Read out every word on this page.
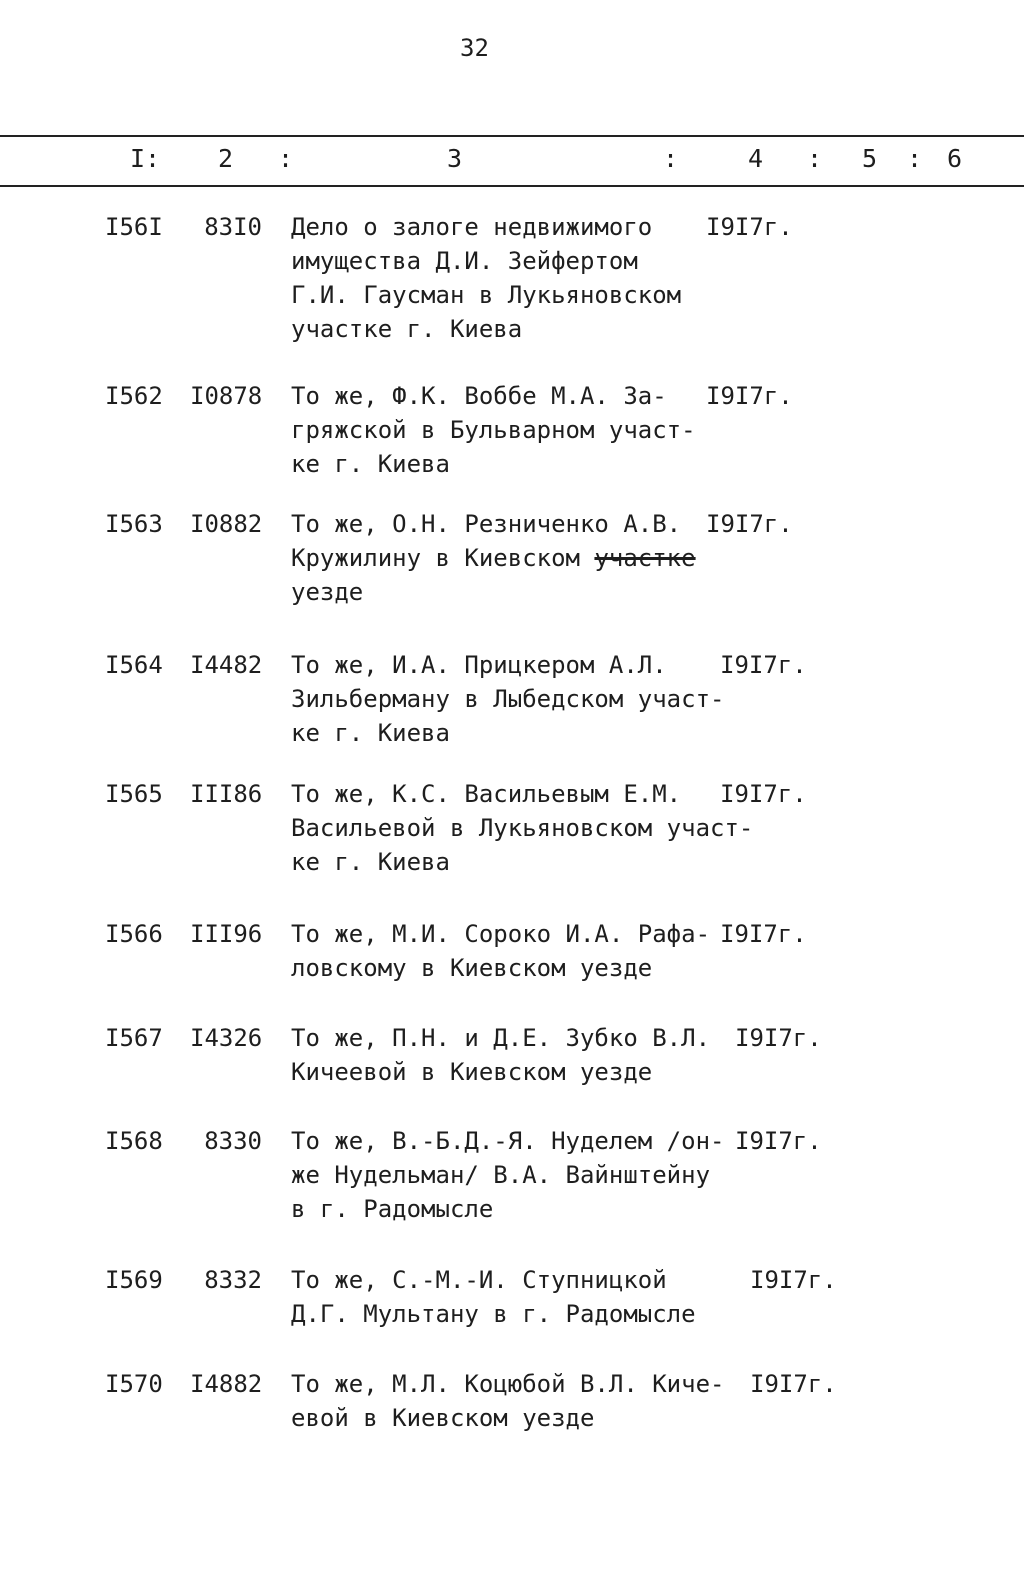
32
I: 2 :	3	:	4 : 5 : 6
I56I	83I0 Дело о залоге недвижимого
имущества Д.И. Зейфертом
Г.И. Гаусман в Лукьяновском
участке г. Киева
I9I7г.
I562 I0878 То же, Ф.К. Воббе М.А. За-
гряжской в Бульварном участ-
ке г. Киева
I9I7г.
I563 I0882 То же, О.Н. Резниченко А.В.
Кружилину в Киевском участке
уезде
I9I7г.
I564 I4482 То же, И.А. Прицкером А.Л.
Зильберману в Лыбедском участ-
ке г. Киева
I9I7г.
I565 III86 То же, К.С. Васильевым Е.М.
Васильевой в Лукьяновском участ-
ке г. Киева
I9I7г.
I566 III96 То же, М.И. Сороко И.А. Рафа-
ловскому в Киевском уезде
I9I7г.
I567 I4326 То же, П.Н. и Д.Е. Зубко В.Л.
Кичеевой в Киевском уезде
I9I7г.
I568	8330 То же, В.-Б.Д.-Я. Нуделем /он-
же Нудельман/ В.А. Вайнштейну
в г. Радомысле
I9I7г.
I569	8332 То же, С.-М.-И. Ступницкой
Д.Г. Мультану в г. Радомысле
I9I7г.
I570 I4882 То же, М.Л. Коцюбой В.Л. Киче-
евой в Киевском уезде
I9I7г.
